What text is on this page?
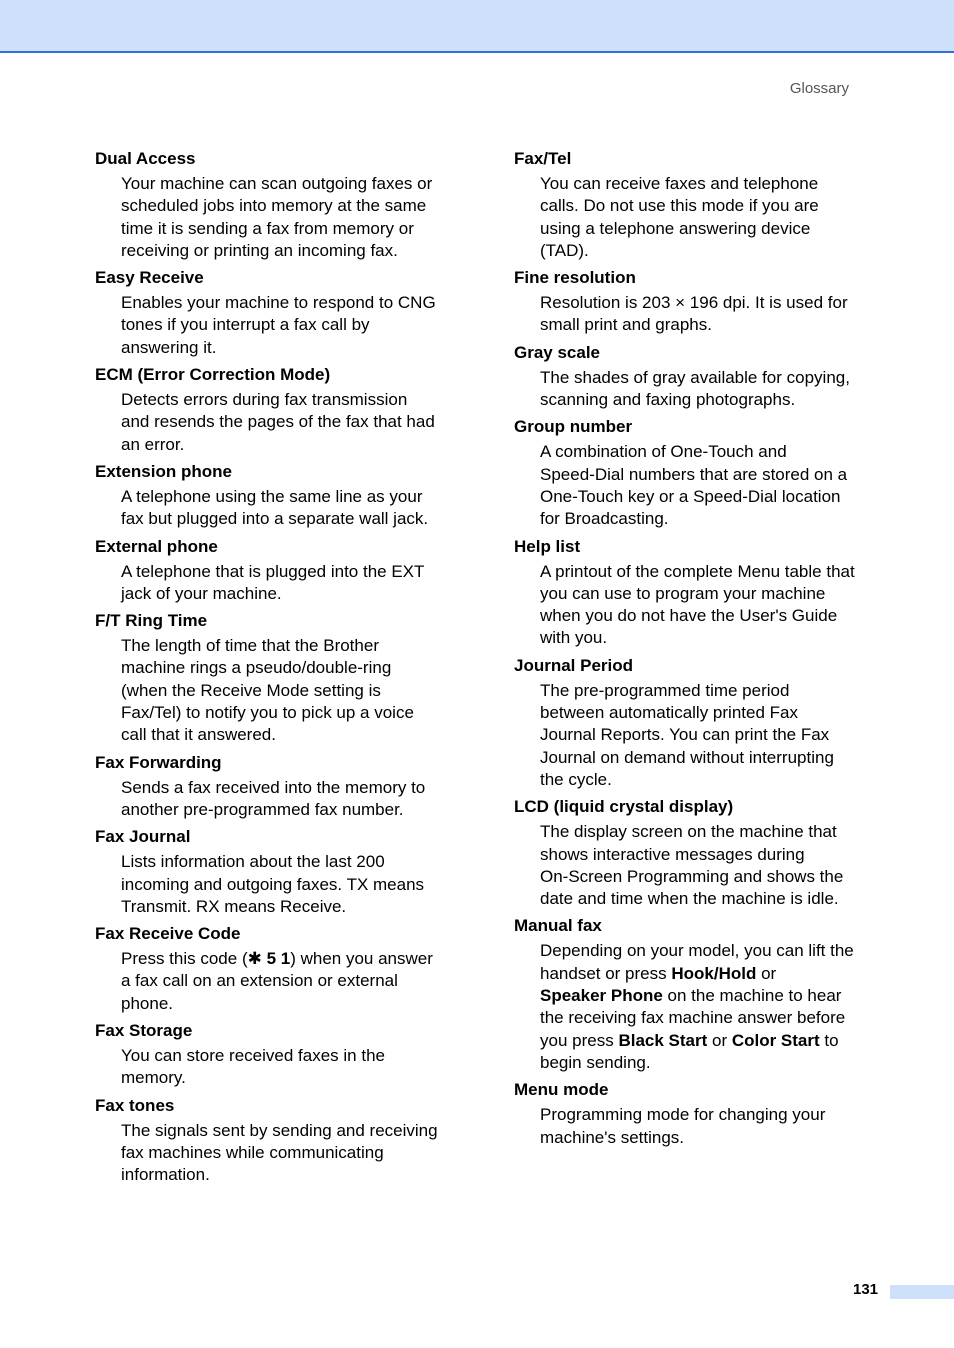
Glossary

Dual Access

Your machine can scan outgoing faxes or
scheduled jobs into memory at the same
time it is sending a fax from memory or
receiving or printing an incoming fax.

Easy Receive

Enables your machine to respond to CNG
tones if you interrupt a fax call by
answering it.

ECM (Error Correction Mode)

Detects errors during fax transmission
and resends the pages of the fax that had
an error.

Extension phone

A telephone using the same line as your
fax but plugged into a separate wall jack.

External phone

A telephone that is plugged into the EXT
jack of your machine.

F/T Ring Time

The length of time that the Brother
machine rings a pseudo/double-ring
(when the Receive Mode setting is
Fax/Tel) to notify you to pick up a voice
call that it answered.

Fax Forwarding

Sends a fax received into the memory to
another pre-programmed fax number.

Fax Journal

Lists information about the last 200
incoming and outgoing faxes. TX means
Transmit. RX means Receive.

Fax Receive Code

Press this code (✱ 5 1) when you answer
a fax call on an extension or external
phone.

Fax Storage

You can store received faxes in the
memory.

Fax tones

The signals sent by sending and receiving
fax machines while communicating
information.

Fax/Tel

You can receive faxes and telephone
calls. Do not use this mode if you are
using a telephone answering device
(TAD).

Fine resolution

Resolution is 203 × 196 dpi. It is used for
small print and graphs.

Gray scale

The shades of gray available for copying,
scanning and faxing photographs.

Group number

A combination of One-Touch and
Speed-Dial numbers that are stored on a
One-Touch key or a Speed-Dial location
for Broadcasting.

Help list

A printout of the complete Menu table that
you can use to program your machine
when you do not have the User's Guide
with you.

Journal Period

The pre-programmed time period
between automatically printed Fax
Journal Reports. You can print the Fax
Journal on demand without interrupting
the cycle.

LCD (liquid crystal display)

The display screen on the machine that
shows interactive messages during
On-Screen Programming and shows the
date and time when the machine is idle.

Manual fax

Depending on your model, you can lift the
handset or press Hook/Hold or
Speaker Phone on the machine to hear
the receiving fax machine answer before
you press Black Start or Color Start to
begin sending.

Menu mode

Programming mode for changing your
machine's settings.

131
